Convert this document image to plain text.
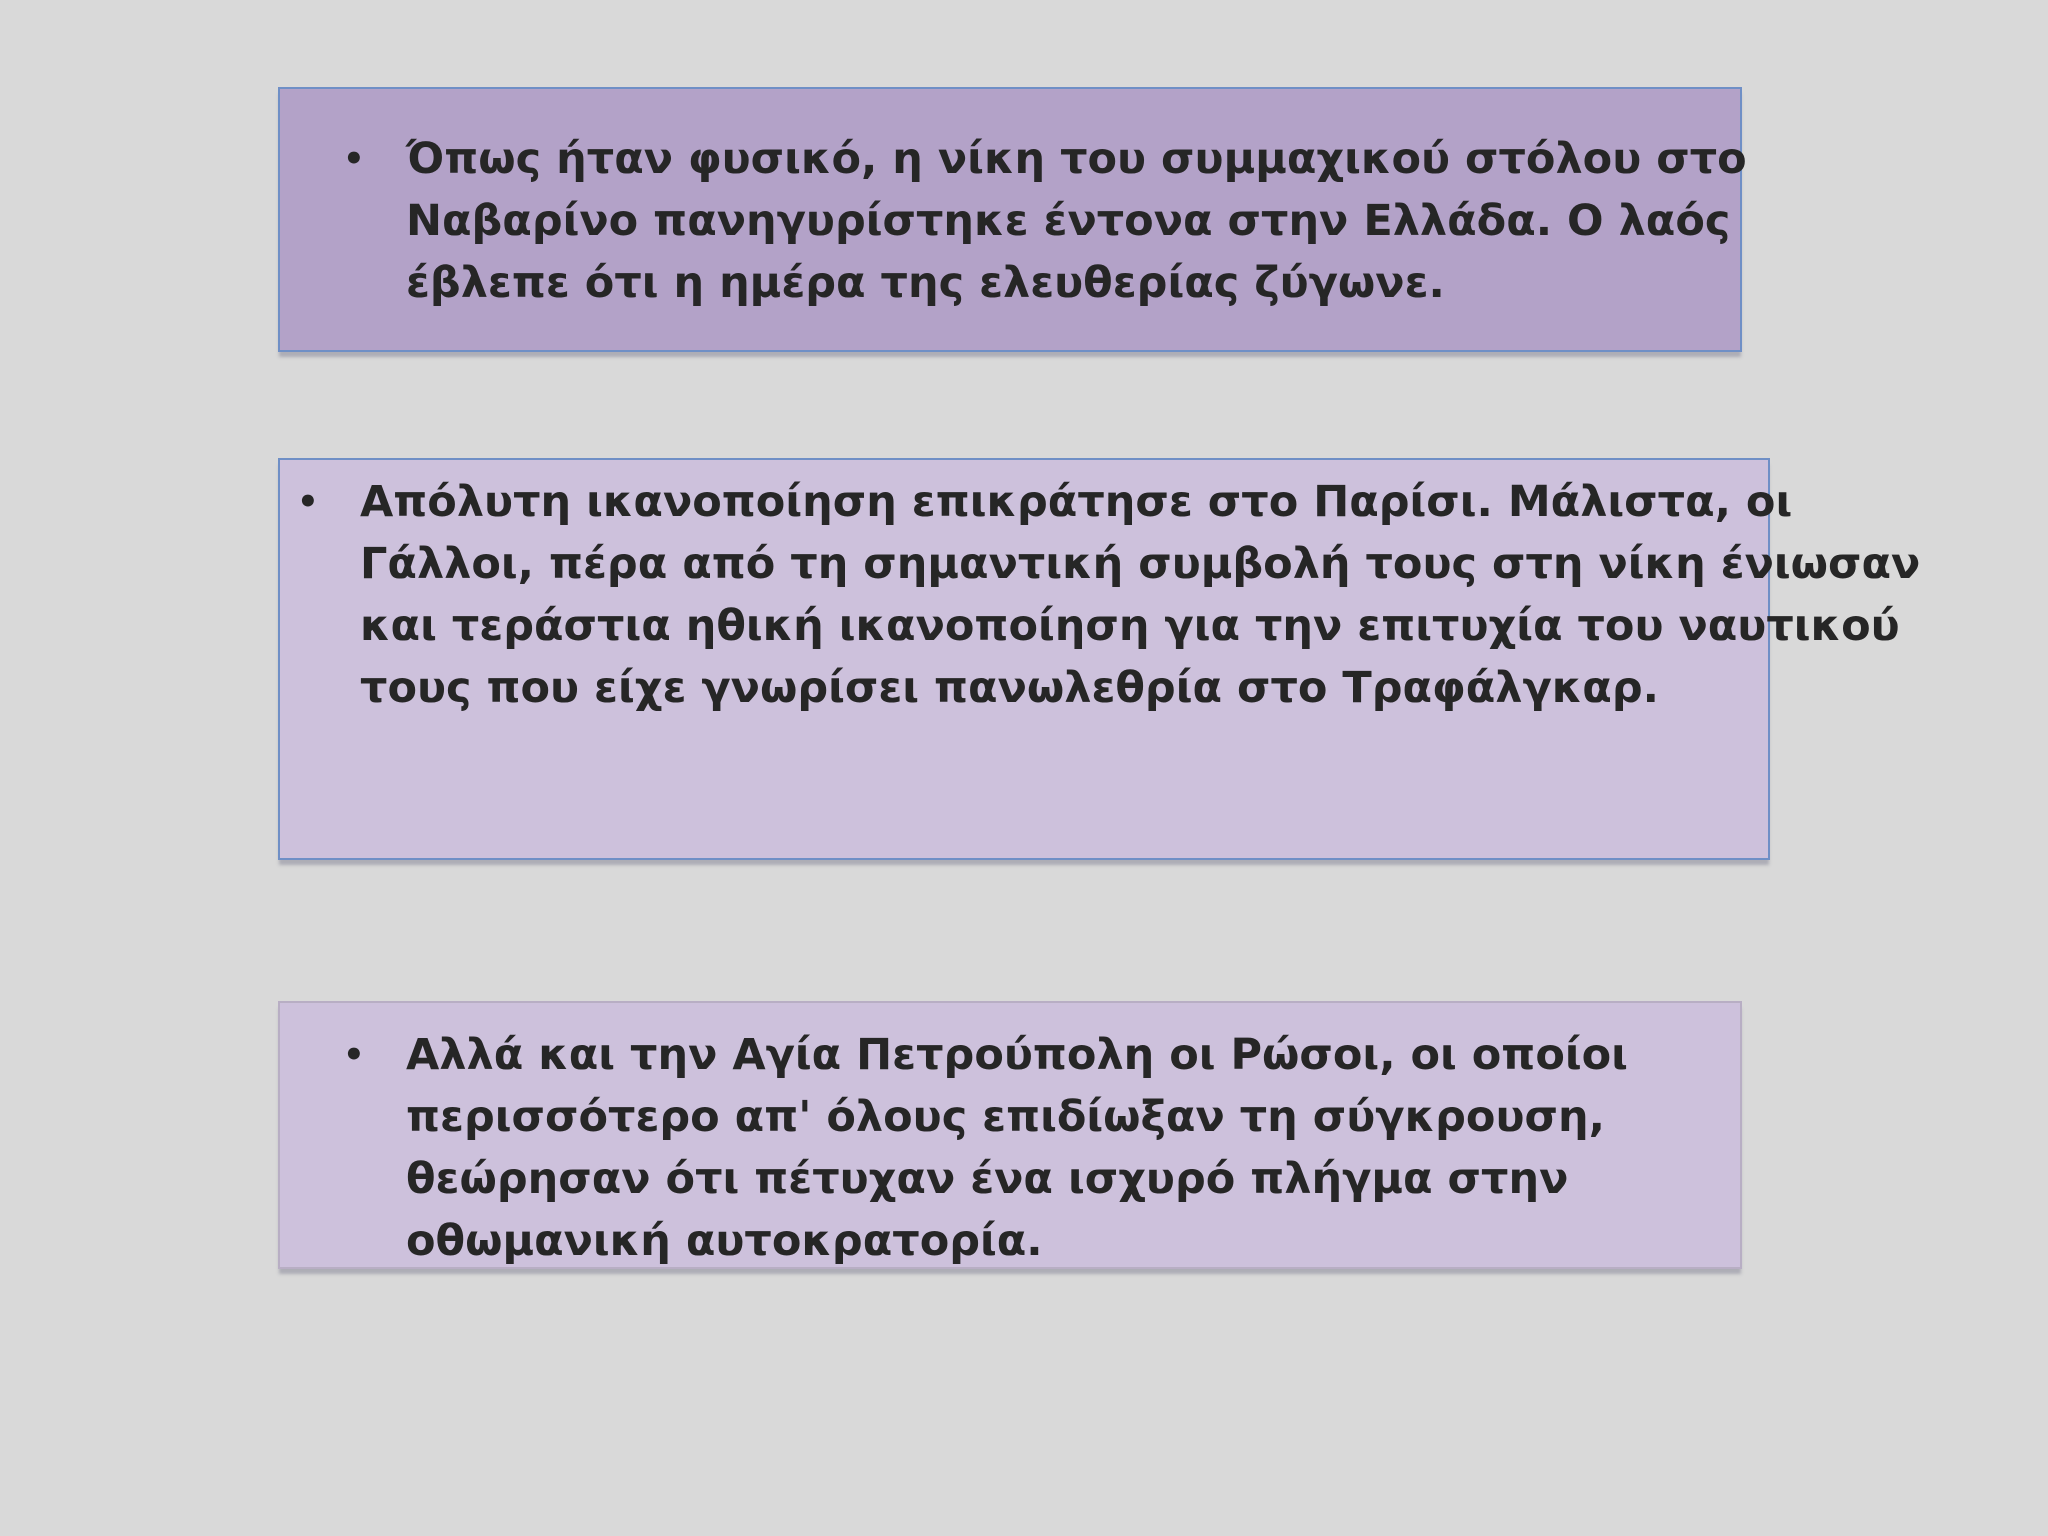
• Όπως ήταν φυσικό, η νίκη του συμμαχικού στόλου στο
Ναβαρίνο πανηγυρίστηκε έντονα στην Ελλάδα. Ο λαός
έβλεπε ότι η ημέρα της ελευθερίας ζύγωνε.

• Απόλυτη ικανοποίηση επικράτησε στο Παρίσι. Μάλιστα, οι
Γάλλοι, πέρα από τη σημαντική συμβολή τους στη νίκη ένιωσαν
και τεράστια ηθική ικανοποίηση για την επιτυχία του ναυτικού
τους που είχε γνωρίσει πανωλεθρία στο Τραφάλγκαρ.

• Αλλά και την Αγία Πετρούπολη οι Ρώσοι, οι οποίοι
περισσότερο απ' όλους επιδίωξαν τη σύγκρουση,
θεώρησαν ότι πέτυχαν ένα ισχυρό πλήγμα στην
οθωμανική αυτοκρατορία.
